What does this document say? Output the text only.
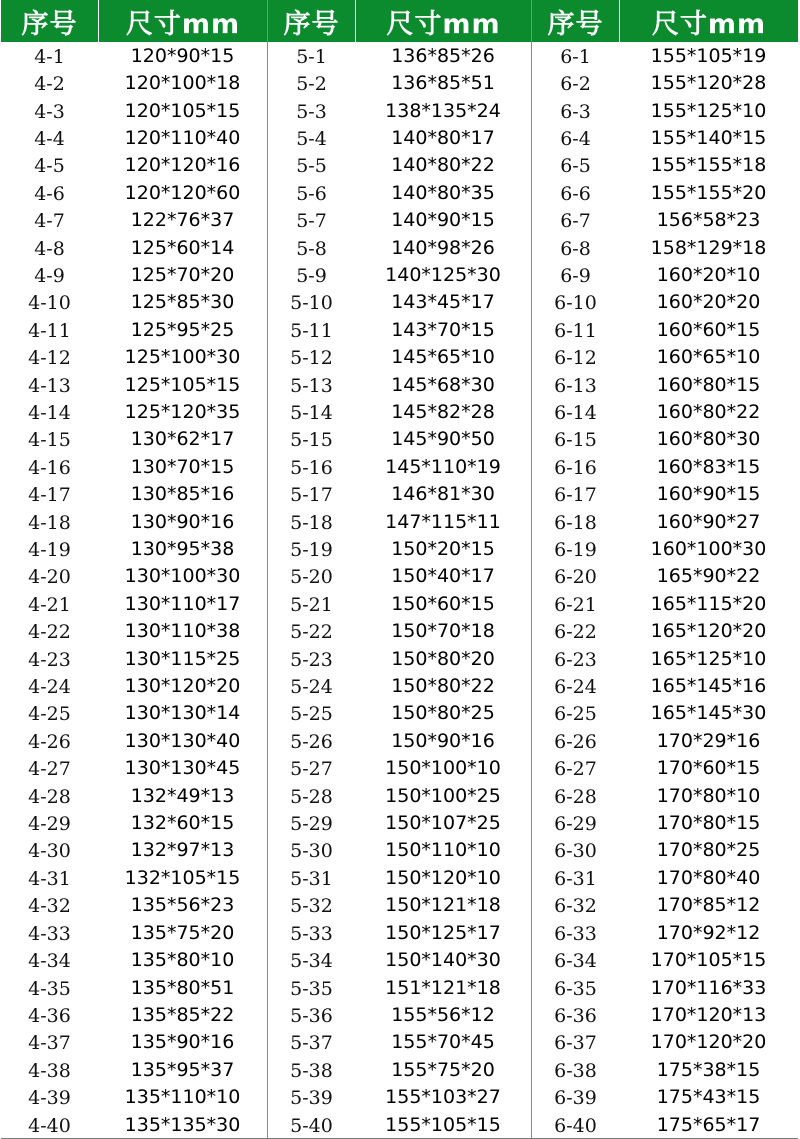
序号	尺寸mm
4-1	120*90*15
4-2	120*100*18
4-3	120*105*15
4-4	120*110*40
4-5	120*120*16
4-6	120*120*60
4-7	122*76*37
4-8	125*60*14
4-9	125*70*20
4-10	125*85*30
4-11	125*95*25
4-12	125*100*30
4-13	125*105*15
4-14	125*120*35
4-15	130*62*17
4-16	130*70*15
4-17	130*85*16
4-18	130*90*16
4-19	130*95*38
4-20	130*100*30
4-21	130*110*17
4-22	130*110*38
4-23	130*115*25
4-24	130*120*20
4-25	130*130*14
4-26	130*130*40
4-27	130*130*45
4-28	132*49*13
4-29	132*60*15
4-30	132*97*13
4-31	132*105*15
4-32	135*56*23
4-33	135*75*20
4-34	135*80*10
4-35	135*80*51
4-36	135*85*22
4-37	135*90*16
4-38	135*95*37
4-39	135*110*10
4-40	135*135*30
序号	尺寸mm
5-1	136*85*26
5-2	136*85*51
5-3	138*135*24
5-4	140*80*17
5-5	140*80*22
5-6	140*80*35
5-7	140*90*15
5-8	140*98*26
5-9	140*125*30
5-10	143*45*17
5-11	143*70*15
5-12	145*65*10
5-13	145*68*30
5-14	145*82*28
5-15	145*90*50
5-16	145*110*19
5-17	146*81*30
5-18	147*115*11
5-19	150*20*15
5-20	150*40*17
5-21	150*60*15
5-22	150*70*18
5-23	150*80*20
5-24	150*80*22
5-25	150*80*25
5-26	150*90*16
5-27	150*100*10
5-28	150*100*25
5-29	150*107*25
5-30	150*110*10
5-31	150*120*10
5-32	150*121*18
5-33	150*125*17
5-34	150*140*30
5-35	151*121*18
5-36	155*56*12
5-37	155*70*45
5-38	155*75*20
5-39	155*103*27
5-40	155*105*15
序号	尺寸mm
6-1	155*105*19
6-2	155*120*28
6-3	155*125*10
6-4	155*140*15
6-5	155*155*18
6-6	155*155*20
6-7	156*58*23
6-8	158*129*18
6-9	160*20*10
6-10	160*20*20
6-11	160*60*15
6-12	160*65*10
6-13	160*80*15
6-14	160*80*22
6-15	160*80*30
6-16	160*83*15
6-17	160*90*15
6-18	160*90*27
6-19	160*100*30
6-20	165*90*22
6-21	165*115*20
6-22	165*120*20
6-23	165*125*10
6-24	165*145*16
6-25	165*145*30
6-26	170*29*16
6-27	170*60*15
6-28	170*80*10
6-29	170*80*15
6-30	170*80*25
6-31	170*80*40
6-32	170*85*12
6-33	170*92*12
6-34	170*105*15
6-35	170*116*33
6-36	170*120*13
6-37	170*120*20
6-38	175*38*15
6-39	175*43*15
6-40	175*65*17
